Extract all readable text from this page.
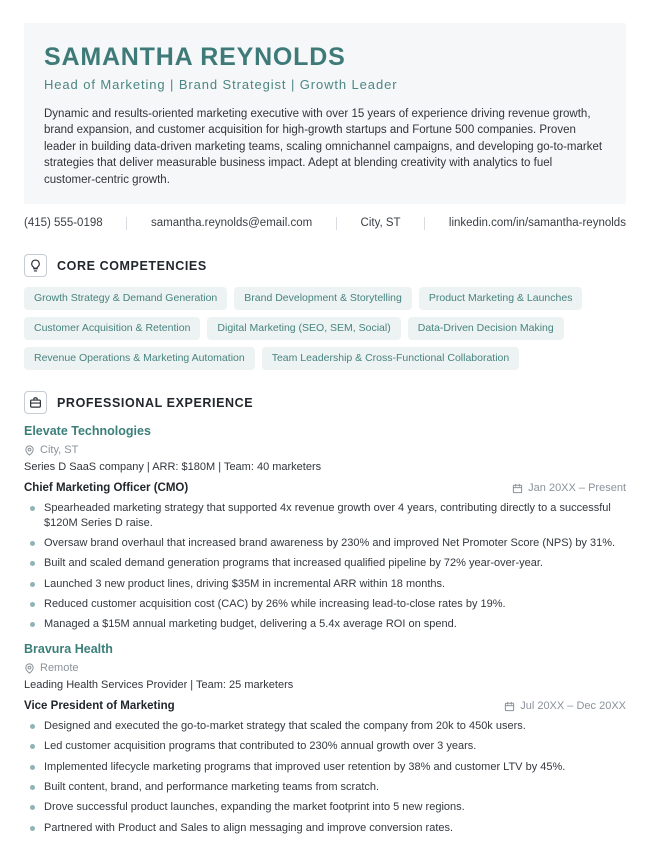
SAMANTHA REYNOLDS
Head of Marketing | Brand Strategist | Growth Leader
Dynamic and results-oriented marketing executive with over 15 years of experience driving revenue growth, brand expansion, and customer acquisition for high-growth startups and Fortune 500 companies. Proven leader in building data-driven marketing teams, scaling omnichannel campaigns, and developing go-to-market strategies that deliver measurable business impact. Adept at blending creativity with analytics to fuel customer-centric growth.
(415) 555-0198	samantha.reynolds@email.com	City, ST	linkedin.com/in/samantha-reynolds
CORE COMPETENCIES
Growth Strategy & Demand Generation	Brand Development & Storytelling	Product Marketing & Launches
Customer Acquisition & Retention	Digital Marketing (SEO, SEM, Social)	Data-Driven Decision Making
Revenue Operations & Marketing Automation	Team Leadership & Cross-Functional Collaboration
PROFESSIONAL EXPERIENCE
Elevate Technologies
City, ST
Series D SaaS company | ARR: $180M | Team: 40 marketers
Chief Marketing Officer (CMO)	Jan 20XX – Present
Spearheaded marketing strategy that supported 4x revenue growth over 4 years, contributing directly to a successful $120M Series D raise.
Oversaw brand overhaul that increased brand awareness by 230% and improved Net Promoter Score (NPS) by 31%.
Built and scaled demand generation programs that increased qualified pipeline by 72% year-over-year.
Launched 3 new product lines, driving $35M in incremental ARR within 18 months.
Reduced customer acquisition cost (CAC) by 26% while increasing lead-to-close rates by 19%.
Managed a $15M annual marketing budget, delivering a 5.4x average ROI on spend.
Bravura Health
Remote
Leading Health Services Provider | Team: 25 marketers
Vice President of Marketing	Jul 20XX – Dec 20XX
Designed and executed the go-to-market strategy that scaled the company from 20k to 450k users.
Led customer acquisition programs that contributed to 230% annual growth over 3 years.
Implemented lifecycle marketing programs that improved user retention by 38% and customer LTV by 45%.
Built content, brand, and performance marketing teams from scratch.
Drove successful product launches, expanding the market footprint into 5 new regions.
Partnered with Product and Sales to align messaging and improve conversion rates.
